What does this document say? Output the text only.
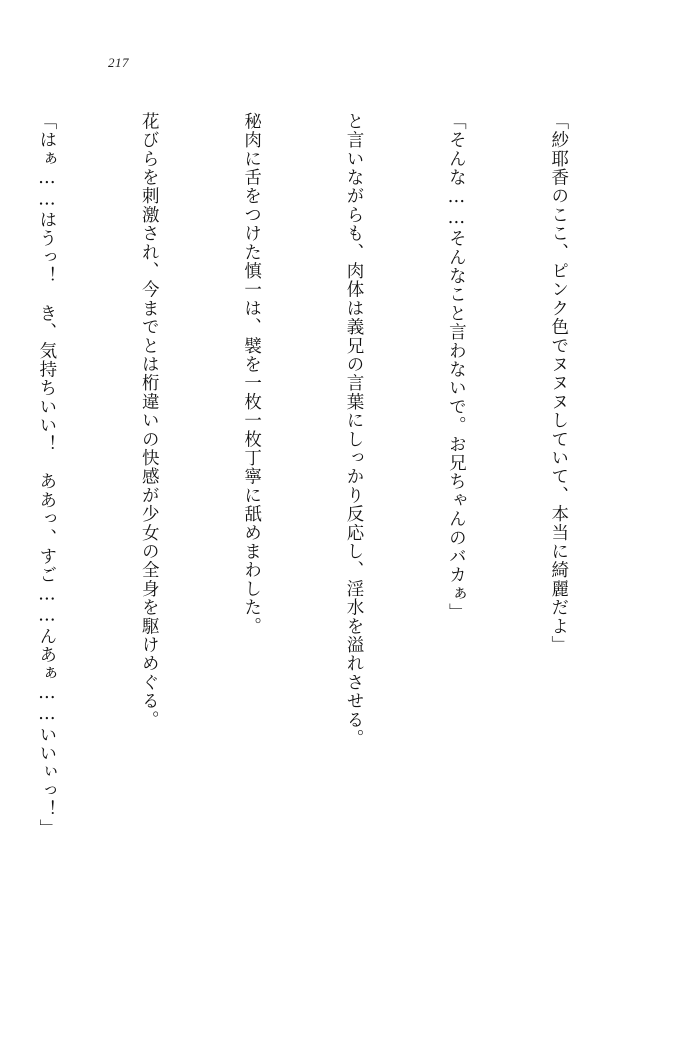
217

「紗耶香のここ、ピンク色でヌヌヌしていて、本当に綺麗だよ」

「そんな……そんなこと言わないで。お兄ちゃんのバカぁ」

と言いながらも、肉体は義兄の言葉にしっかり反応し、淫水を溢れさせる。

秘肉に舌をつけた慎一は、襞を一枚一枚丁寧に舐めまわした。

花びらを刺激され、今までとは桁違いの快感が少女の全身を駆けめぐる。

「はぁ……はうっ！　き、気持ちいい！　ああっ、すご……んあぁ……いいぃっ！」
